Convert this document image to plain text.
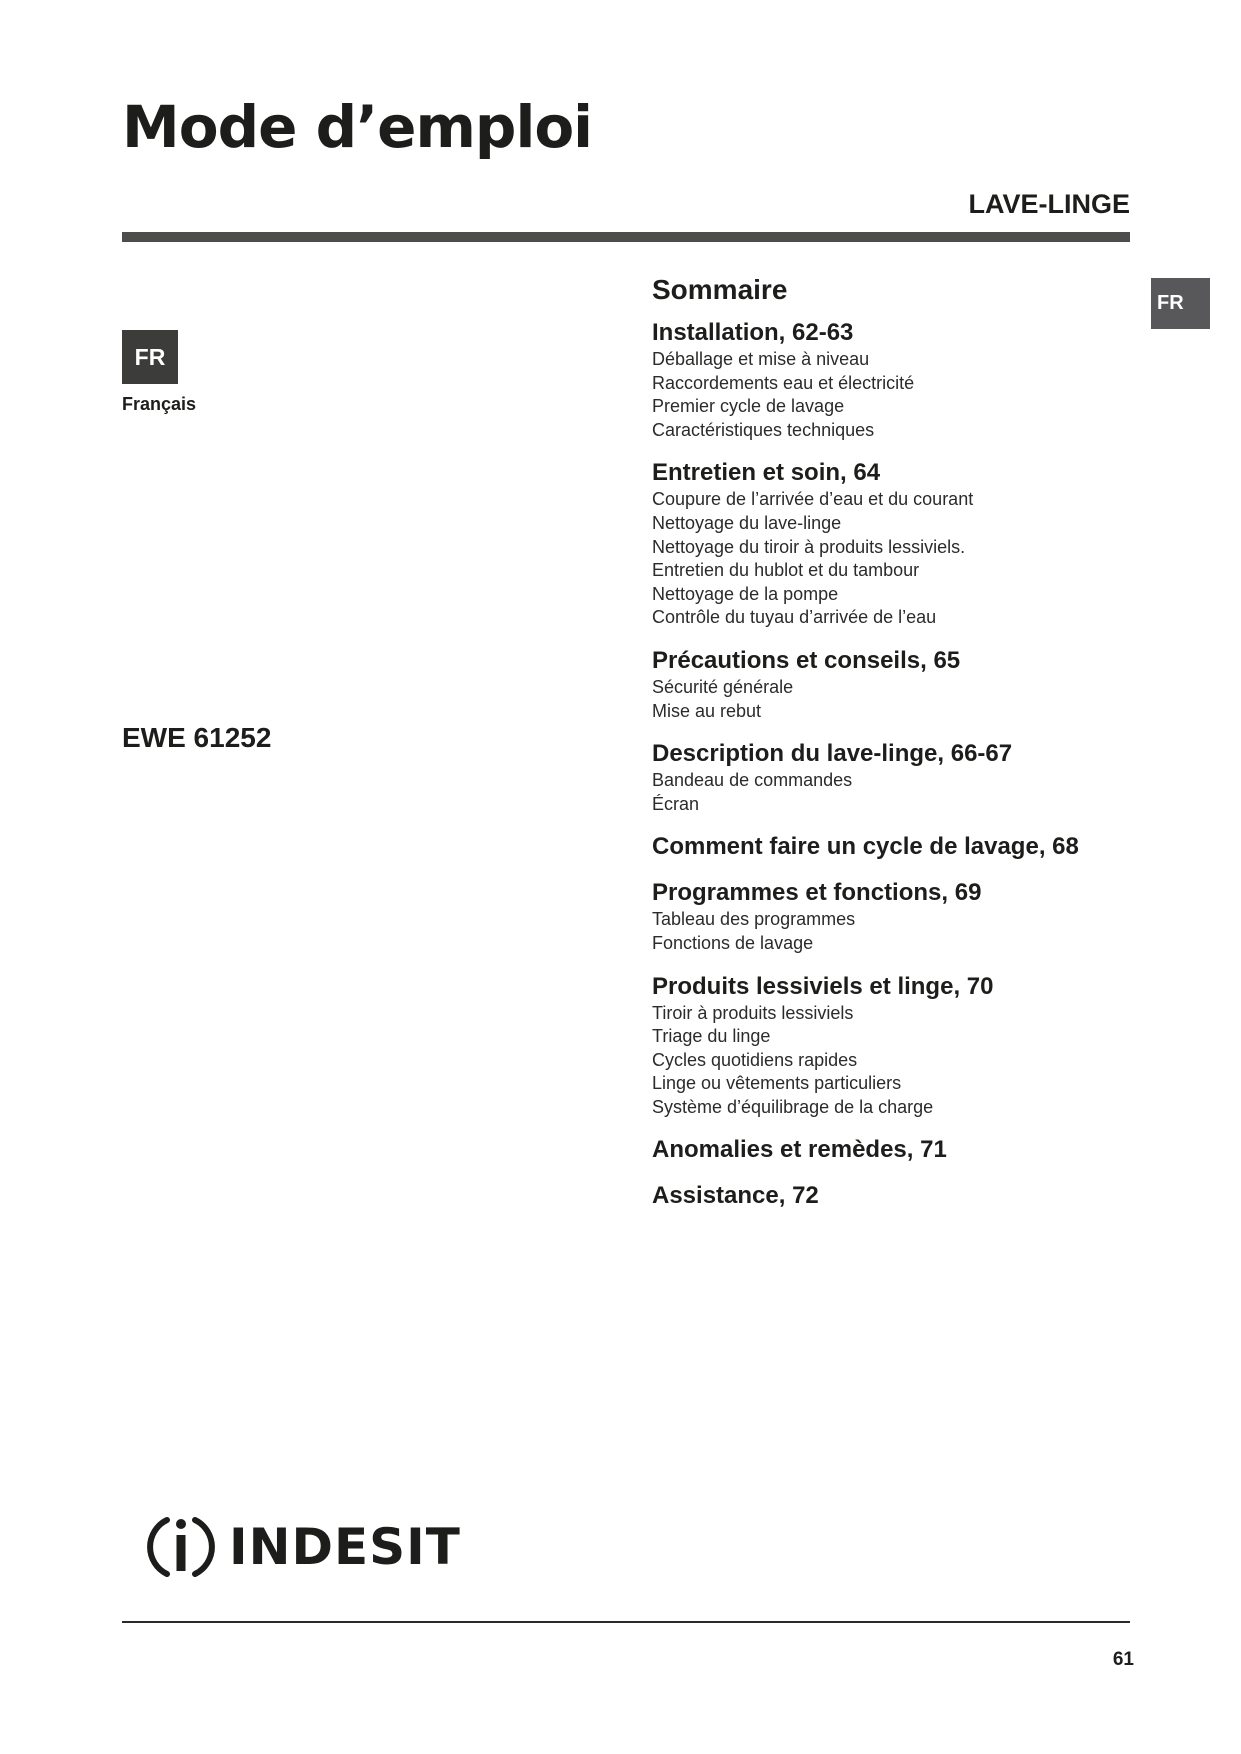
Mode d’emploi
LAVE-LINGE
FR
Français
FR
EWE 61252
Sommaire
Installation, 62-63
Déballage et mise à niveau
Raccordements eau et électricité
Premier cycle de lavage
Caractéristiques techniques
Entretien et soin, 64
Coupure de l’arrivée d’eau et du courant
Nettoyage du lave-linge
Nettoyage du tiroir à produits lessiviels.
Entretien du hublot et du tambour
Nettoyage de la pompe
Contrôle du tuyau d’arrivée de l’eau
Précautions et conseils, 65
Sécurité générale
Mise au rebut
Description du lave-linge, 66-67
Bandeau de commandes
Écran
Comment faire un cycle de lavage, 68
Programmes et fonctions, 69
Tableau des programmes
Fonctions de lavage
Produits lessiviels et linge, 70
Tiroir à produits lessiviels
Triage du linge
Cycles quotidiens rapides
Linge ou vêtements particuliers
Système d’équilibrage de la charge
Anomalies et remèdes, 71
Assistance, 72
INDESIT
61
